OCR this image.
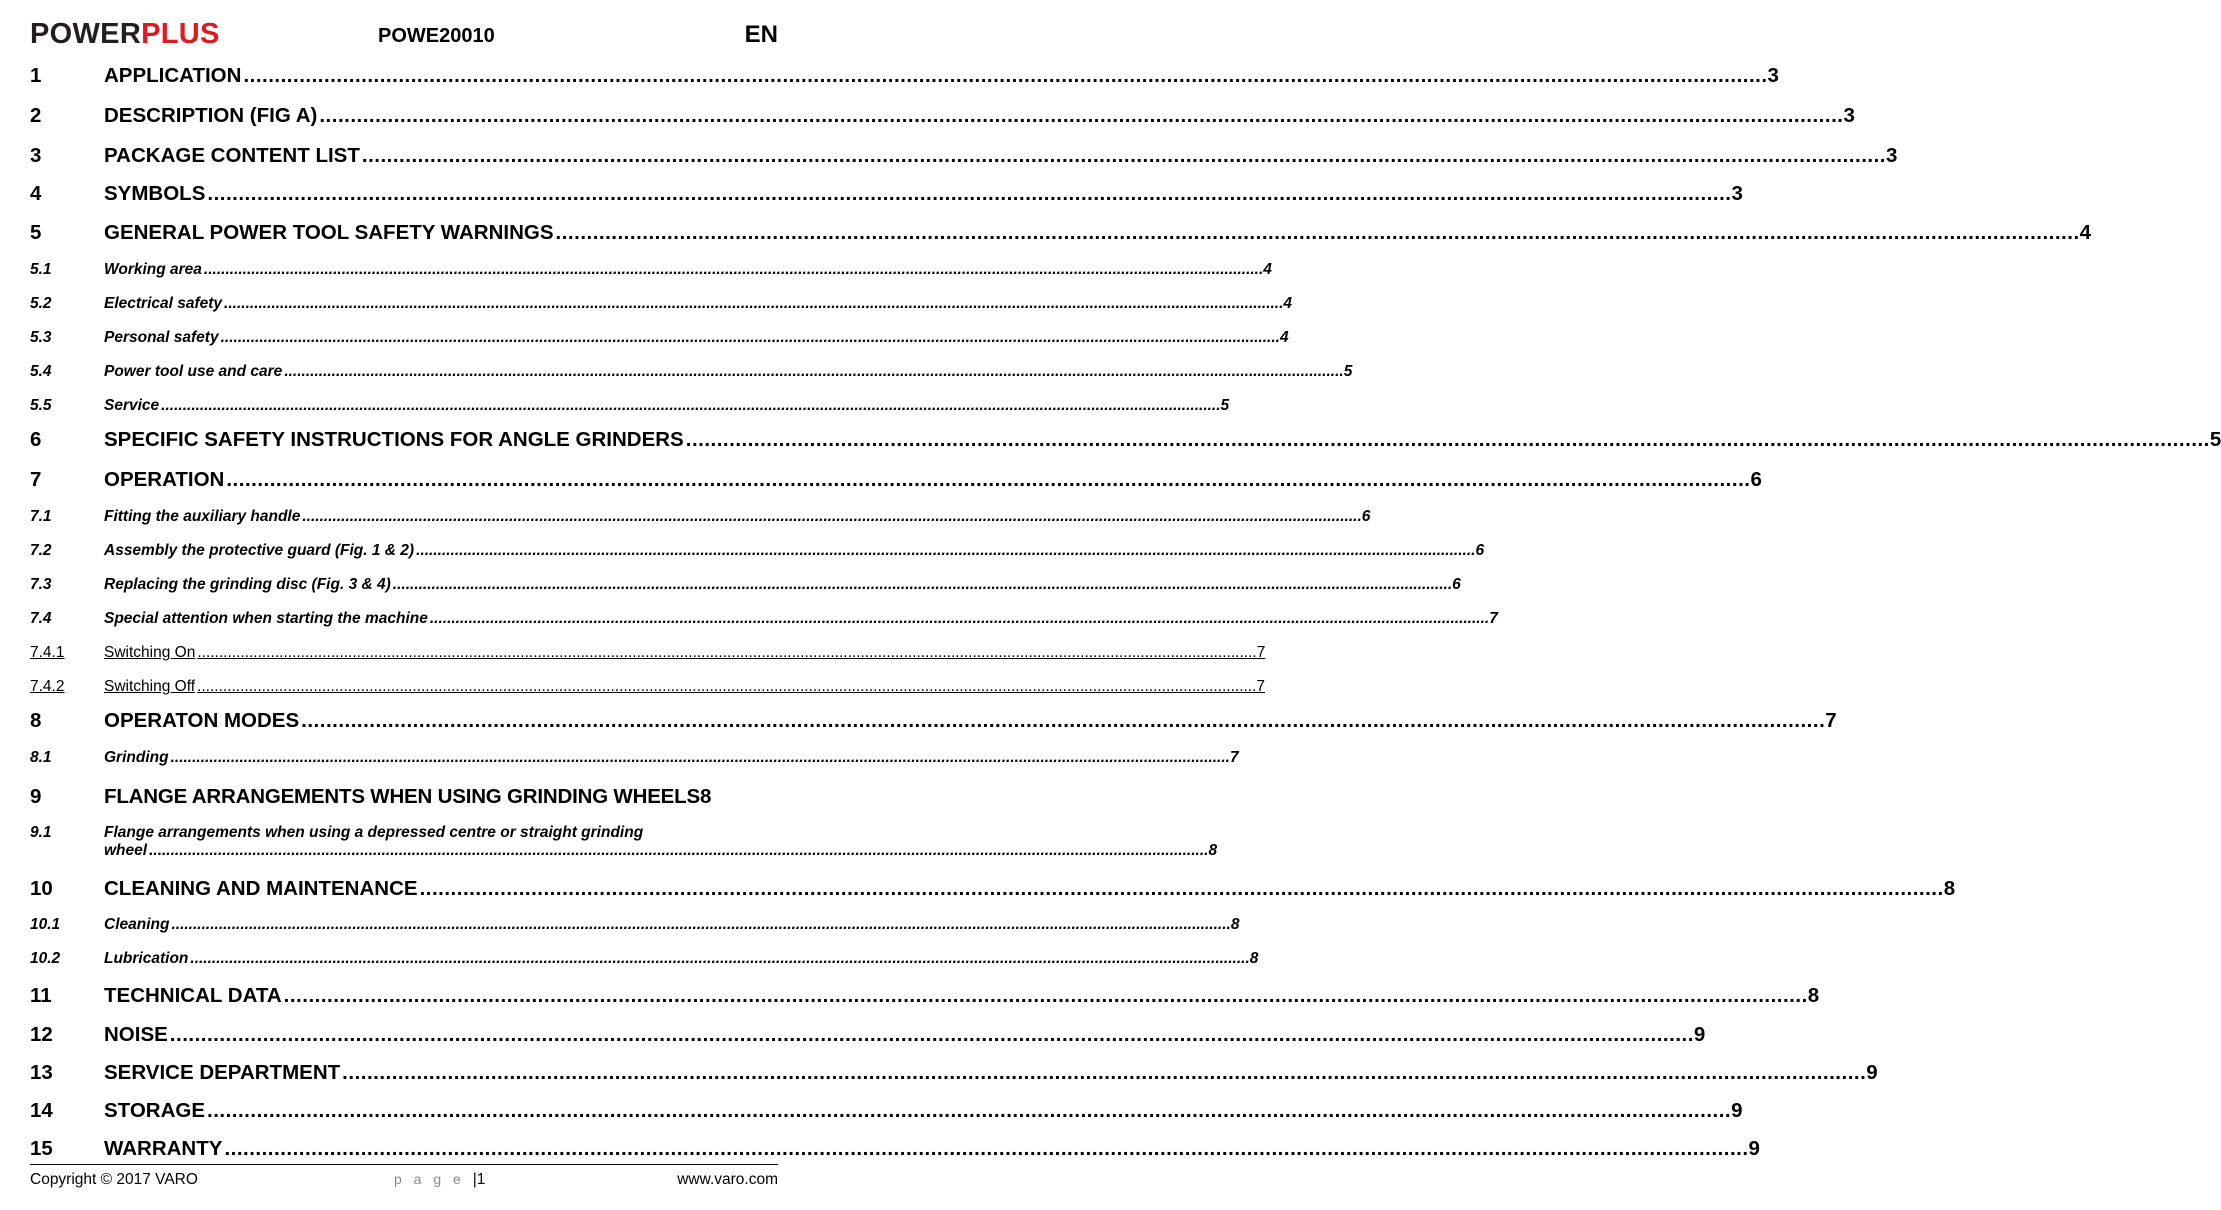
POWERPLUS	POWE20010	EN
1	APPLICATION .....	3
2	DESCRIPTION (FIG A) .....	3
3	PACKAGE CONTENT LIST .....	3
4	SYMBOLS .....	3
5	GENERAL POWER TOOL SAFETY WARNINGS .....	4
5.1	Working area .....	4
5.2	Electrical safety .....	4
5.3	Personal safety .....	4
5.4	Power tool use and care .....	5
5.5	Service .....	5
6	SPECIFIC SAFETY INSTRUCTIONS FOR ANGLE GRINDERS .....	5
7	OPERATION .....	6
7.1	Fitting the auxiliary handle .....	6
7.2	Assembly the protective guard (Fig. 1 & 2) .....	6
7.3	Replacing the grinding disc (Fig. 3 & 4) .....	6
7.4	Special attention when starting the machine .....	7
7.4.1	Switching On .....	7
7.4.2	Switching Off .....	7
8	OPERATON MODES .....	7
8.1	Grinding .....	7
9	FLANGE ARRANGEMENTS WHEN USING GRINDING WHEELS 8
9.1	Flange arrangements when using a depressed centre or straight grinding
wheel .....	8
10	CLEANING AND MAINTENANCE .....	8
10.1	Cleaning .....	8
10.2	Lubrication .....	8
11	TECHNICAL DATA .....	8
12	NOISE .....	9
13	SERVICE DEPARTMENT .....	9
14	STORAGE .....	9
15	WARRANTY .....	9
Copyright © 2017 VARO	p a g e |1	www.varo.com
